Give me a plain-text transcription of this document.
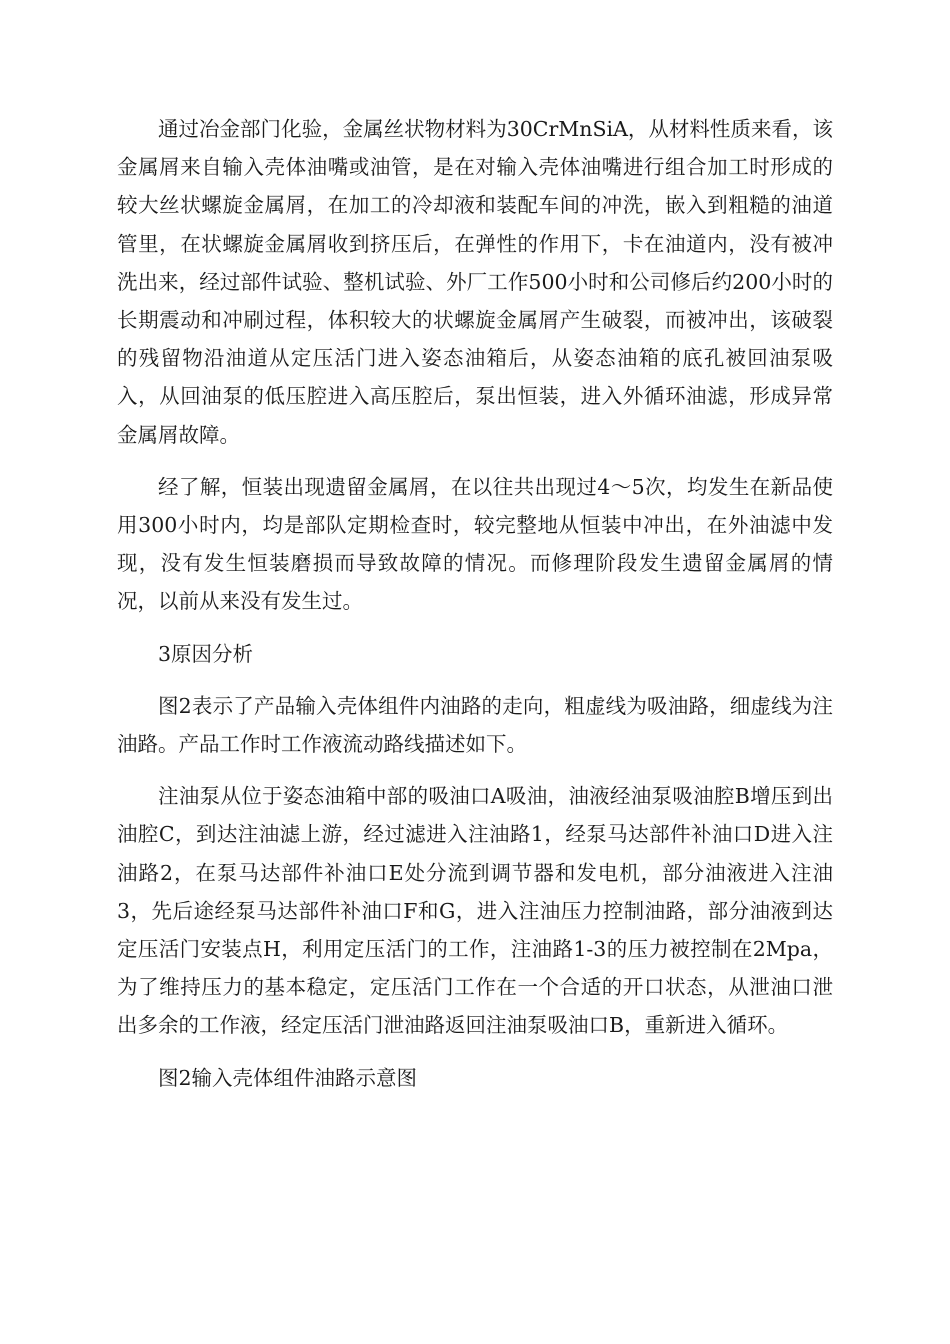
通过冶金部门化验，金属丝状物材料为30CrMnSiA，从材料性质来看，该金属屑来自输入壳体油嘴或油管，是在对输入壳体油嘴进行组合加工时形成的较大丝状螺旋金属屑，在加工的冷却液和装配车间的冲洗，嵌入到粗糙的油道管里，在状螺旋金属屑收到挤压后，在弹性的作用下，卡在油道内，没有被冲洗出来，经过部件试验、整机试验、外厂工作500小时和公司修后约200小时的长期震动和冲刷过程，体积较大的状螺旋金属屑产生破裂，而被冲出，该破裂的残留物沿油道从定压活门进入姿态油箱后，从姿态油箱的底孔被回油泵吸入，从回油泵的低压腔进入高压腔后，泵出恒装，进入外循环油滤，形成异常金属屑故障。

经了解，恒装出现遗留金属屑，在以往共出现过4～5次，均发生在新品使用300小时内，均是部队定期检查时，较完整地从恒装中冲出，在外油滤中发现，没有发生恒装磨损而导致故障的情况。而修理阶段发生遗留金属屑的情况，以前从来没有发生过。

3原因分析

图2表示了产品输入壳体组件内油路的走向，粗虚线为吸油路，细虚线为注油路。产品工作时工作液流动路线描述如下。

注油泵从位于姿态油箱中部的吸油口A吸油，油液经油泵吸油腔B增压到出油腔C，到达注油滤上游，经过滤进入注油路1，经泵马达部件补油口D进入注油路2，在泵马达部件补油口E处分流到调节器和发电机，部分油液进入注油3，先后途经泵马达部件补油口F和G，进入注油压力控制油路，部分油液到达定压活门安装点H，利用定压活门的工作，注油路1-3的压力被控制在2Mpa，为了维持压力的基本稳定，定压活门工作在一个合适的开口状态，从泄油口泄出多余的工作液，经定压活门泄油路返回注油泵吸油口B，重新进入循环。

图2输入壳体组件油路示意图
